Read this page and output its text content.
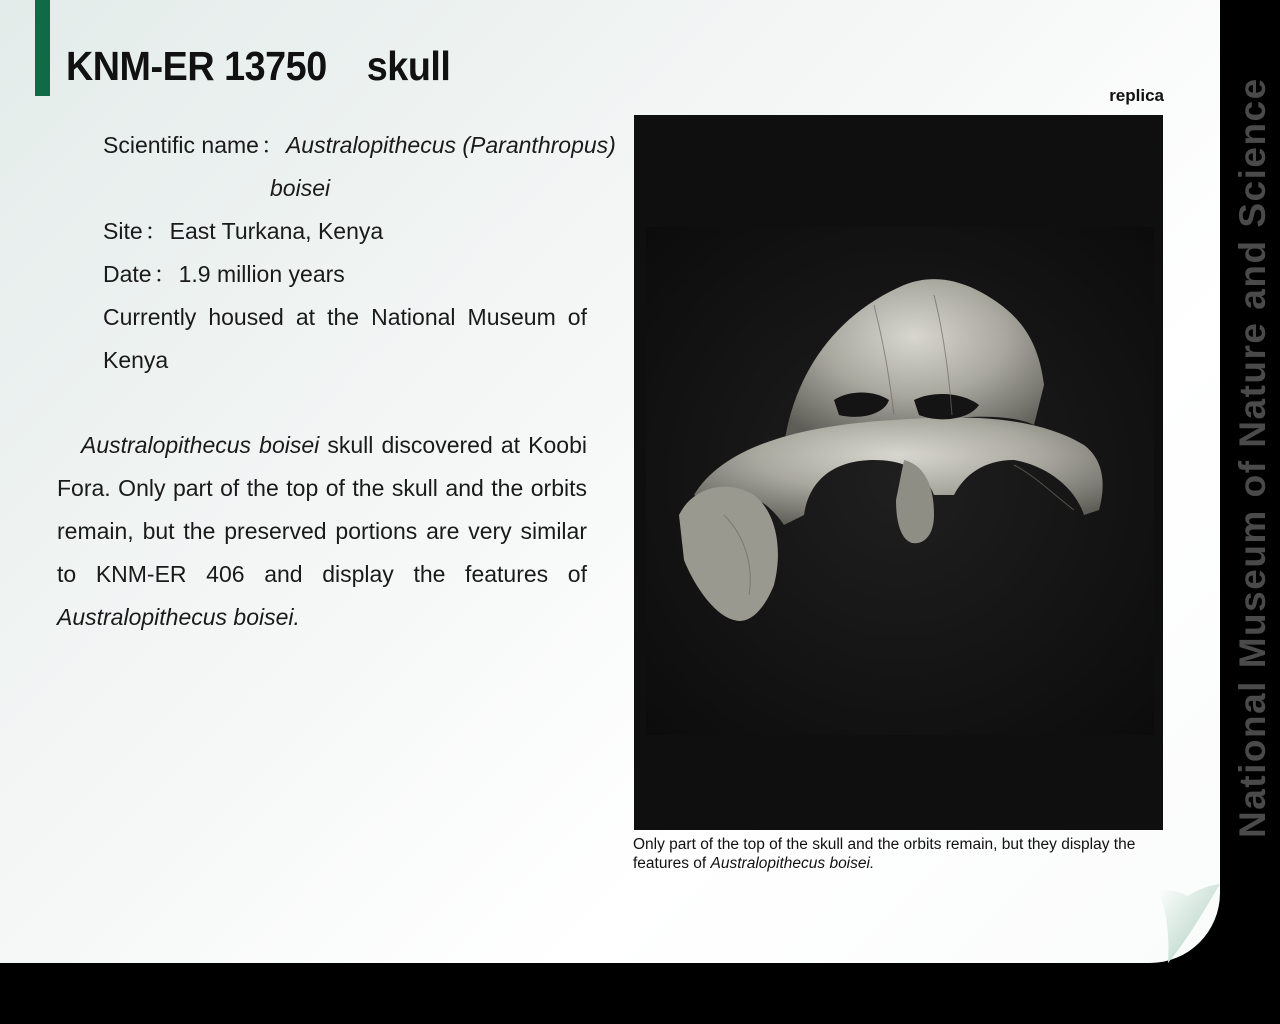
KNM-ER 13750    skull
Scientific name：Australopithecus (Paranthropus)
boisei
Site：East Turkana, Kenya
Date：1.9 million years
Currently housed at the National Museum of
Kenya

Australopithecus boisei skull discovered at Koobi Fora. Only part of the top of the skull and the orbits remain, but the preserved portions are very similar to KNM-ER 406 and display the features of Australopithecus boisei.

replica

Only part of the top of the skull and the orbits remain, but they display the features of Australopithecus boisei.

National Museum of Nature and Science
